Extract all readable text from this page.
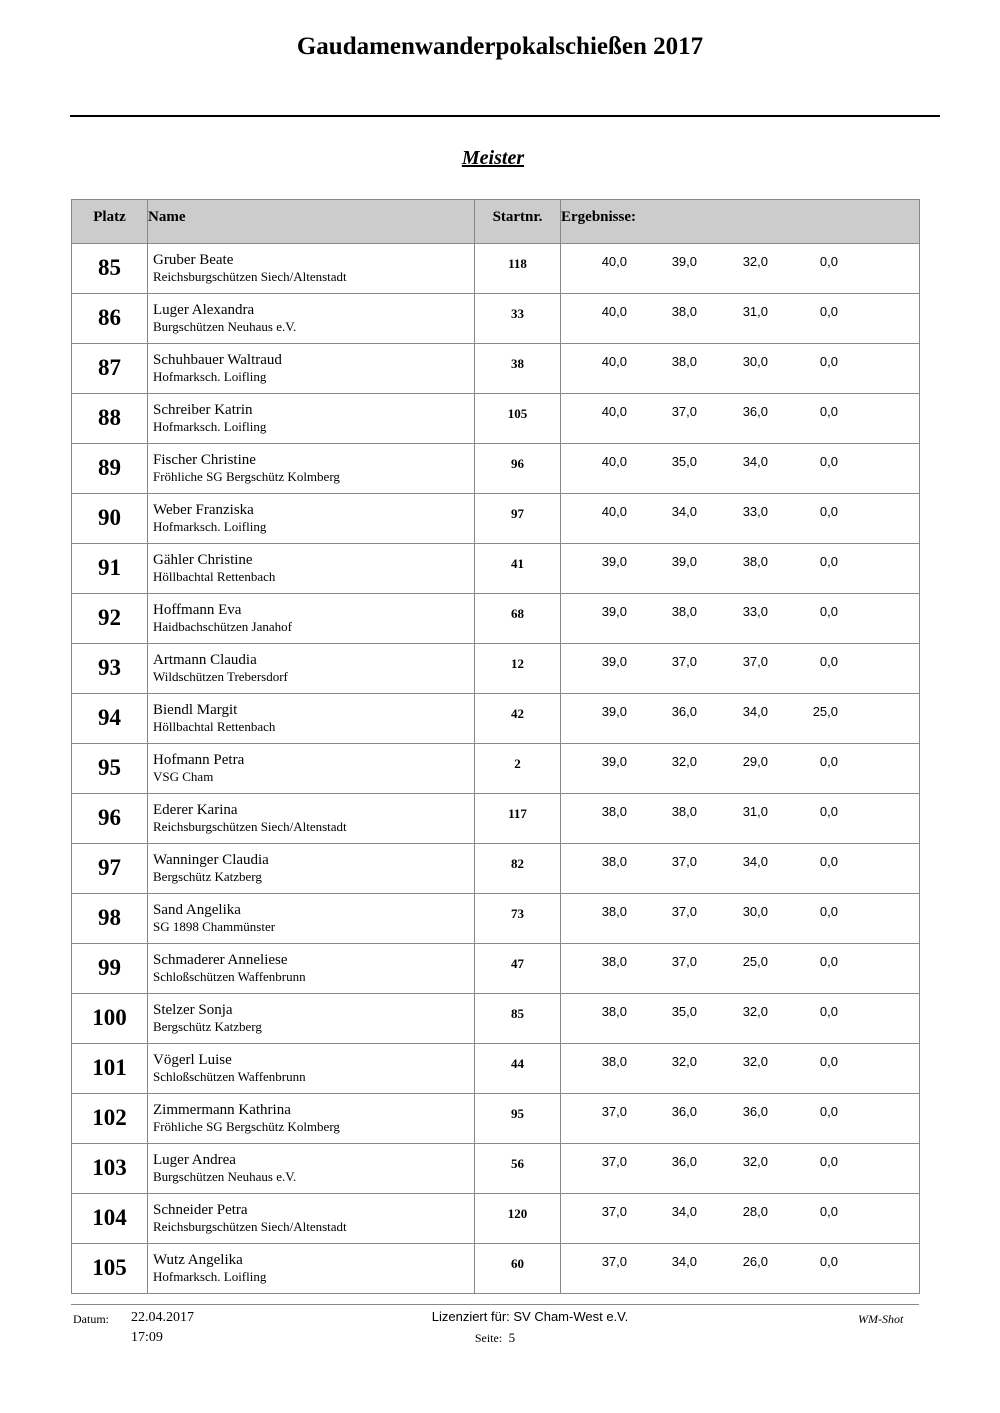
Gaudamenwanderpokalschießen 2017
Meister
Platz	Name	Startnr.	Ergebnisse:

85	Gruber Beate
Reichsburgschützen Siech/Altenstadt	118	40,0 39,0 32,0 0,0

86	Luger Alexandra
Burgschützen Neuhaus e.V.	33	40,0 38,0 31,0 0,0

87	Schuhbauer Waltraud
Hofmarksch. Loifling	38	40,0 38,0 30,0 0,0

88	Schreiber Katrin
Hofmarksch. Loifling	105	40,0 37,0 36,0 0,0

89	Fischer Christine
Fröhliche SG Bergschütz Kolmberg	96	40,0 35,0 34,0 0,0

90	Weber Franziska
Hofmarksch. Loifling	97	40,0 34,0 33,0 0,0

91	Gähler Christine
Höllbachtal Rettenbach	41	39,0 39,0 38,0 0,0

92	Hoffmann Eva
Haidbachschützen Janahof	68	39,0 38,0 33,0 0,0

93	Artmann Claudia
Wildschützen Trebersdorf	12	39,0 37,0 37,0 0,0

94	Biendl Margit
Höllbachtal Rettenbach	42	39,0 36,0 34,0 25,0

95	Hofmann Petra
VSG Cham	2	39,0 32,0 29,0 0,0

96	Ederer Karina
Reichsburgschützen Siech/Altenstadt	117	38,0 38,0 31,0 0,0

97	Wanninger Claudia
Bergschütz Katzberg	82	38,0 37,0 34,0 0,0

98	Sand Angelika
SG 1898 Chammünster	73	38,0 37,0 30,0 0,0

99	Schmaderer Anneliese
Schloßschützen Waffenbrunn	47	38,0 37,0 25,0 0,0

100	Stelzer Sonja
Bergschütz Katzberg	85	38,0 35,0 32,0 0,0

101	Vögerl Luise
Schloßschützen Waffenbrunn	44	38,0 32,0 32,0 0,0

102	Zimmermann Kathrina
Fröhliche SG Bergschütz Kolmberg	95	37,0 36,0 36,0 0,0

103	Luger Andrea
Burgschützen Neuhaus e.V.	56	37,0 36,0 32,0 0,0

104	Schneider Petra
Reichsburgschützen Siech/Altenstadt	120	37,0 34,0 28,0 0,0

105	Wutz Angelika
Hofmarksch. Loifling	60	37,0 34,0 26,0 0,0
Datum: 22.04.2017
17:09
Lizenziert für: SV Cham-West e.V.
Seite: 5
WM-Shot
